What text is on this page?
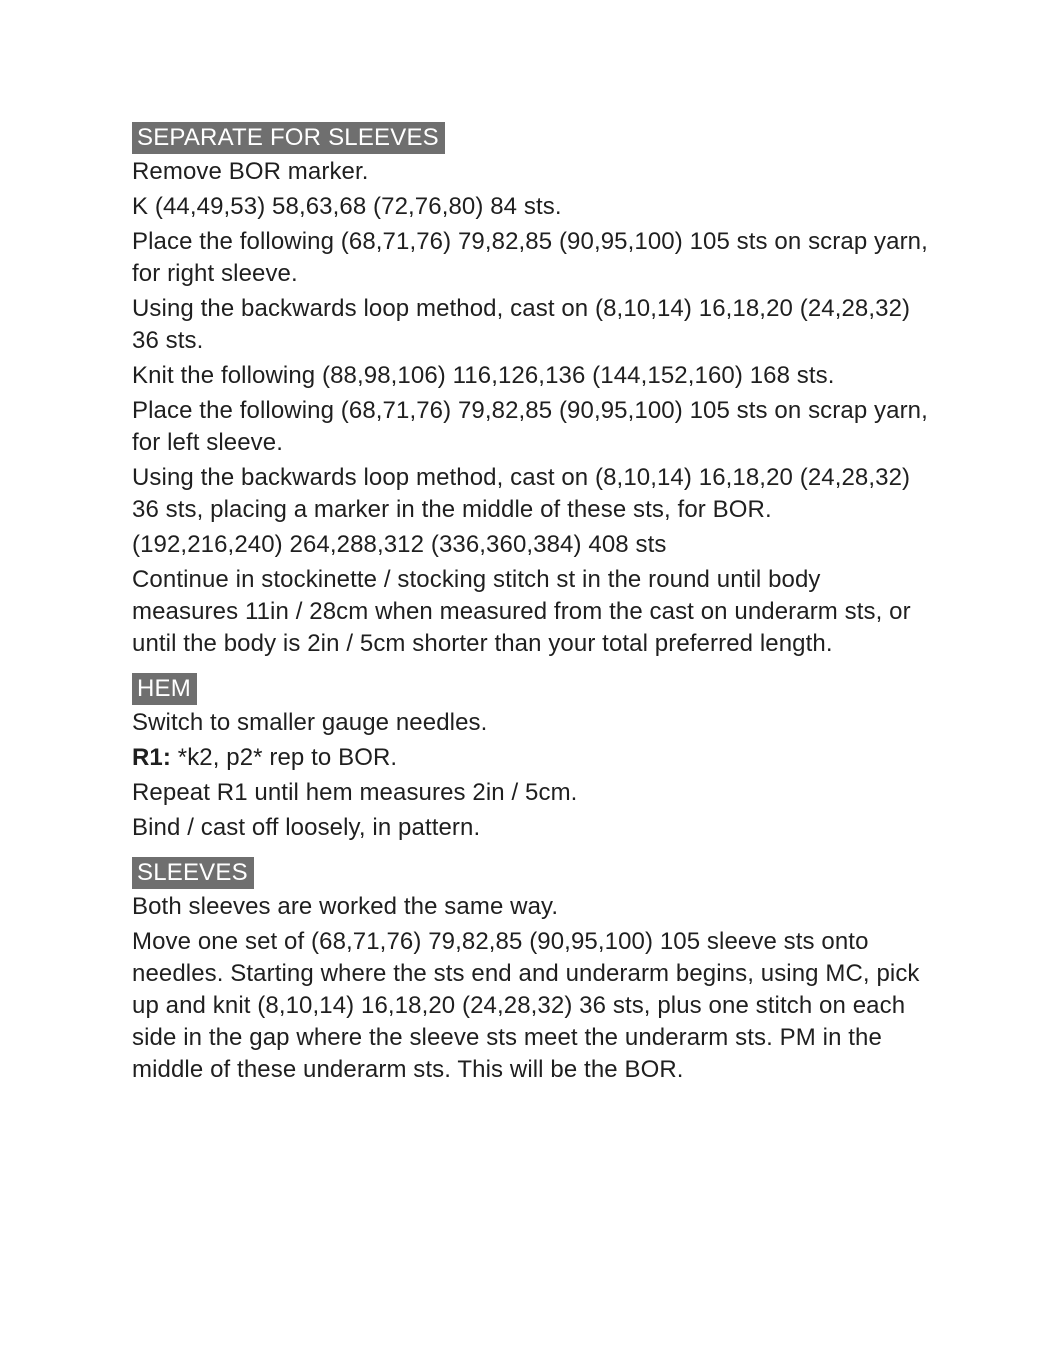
SEPARATE FOR SLEEVES

Remove BOR marker.

K (44,49,53) 58,63,68 (72,76,80) 84 sts.

Place the following (68,71,76) 79,82,85 (90,95,100) 105 sts on scrap yarn, for right sleeve.

Using the backwards loop method, cast on (8,10,14) 16,18,20 (24,28,32) 36 sts.

Knit the following (88,98,106) 116,126,136 (144,152,160) 168 sts.

Place the following (68,71,76) 79,82,85 (90,95,100) 105 sts on scrap yarn, for left sleeve.

Using the backwards loop method, cast on (8,10,14) 16,18,20 (24,28,32) 36 sts, placing a marker in the middle of these sts, for BOR.

(192,216,240) 264,288,312 (336,360,384) 408 sts

Continue in stockinette / stocking stitch st in the round until body measures 11in / 28cm when measured from the cast on underarm sts, or until the body is 2in / 5cm shorter than your total preferred length.

HEM

Switch to smaller gauge needles.

R1: *k2, p2* rep to BOR.

Repeat R1 until hem measures 2in / 5cm.

Bind / cast off loosely, in pattern.

SLEEVES

Both sleeves are worked the same way.

Move one set of (68,71,76) 79,82,85 (90,95,100) 105 sleeve sts onto needles. Starting where the sts end and underarm begins, using MC, pick up and knit (8,10,14) 16,18,20 (24,28,32) 36 sts, plus one stitch on each side in the gap where the sleeve sts meet the underarm sts. PM in the middle of these underarm sts. This will be the BOR.
